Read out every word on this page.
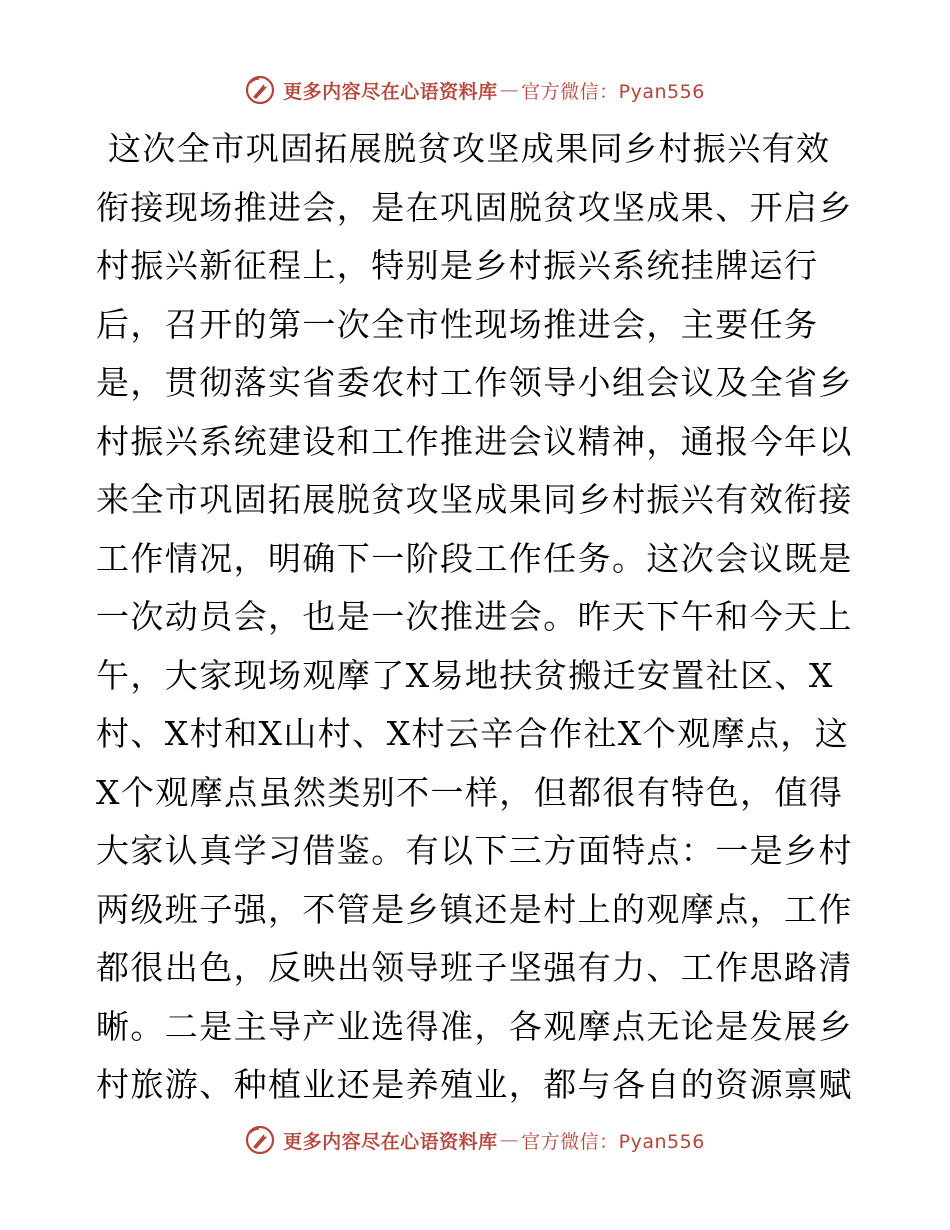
更多内容尽在心语资料库 — 官方微信：Pyan556
这次全市巩固拓展脱贫攻坚成果同乡村振兴有效
衔接现场推进会，是在巩固脱贫攻坚成果、开启乡
村振兴新征程上，特别是乡村振兴系统挂牌运行
后，召开的第一次全市性现场推进会，主要任务
是，贯彻落实省委农村工作领导小组会议及全省乡
村振兴系统建设和工作推进会议精神，通报今年以
来全市巩固拓展脱贫攻坚成果同乡村振兴有效衔接
工作情况，明确下一阶段工作任务。这次会议既是
一次动员会，也是一次推进会。昨天下午和今天上
午，大家现场观摩了X易地扶贫搬迁安置社区、X
村、X村和X山村、X村云辛合作社X个观摩点，这
X个观摩点虽然类别不一样，但都很有特色，值得
大家认真学习借鉴。有以下三方面特点：一是乡村
两级班子强，不管是乡镇还是村上的观摩点，工作
都很出色，反映出领导班子坚强有力、工作思路清
晰。二是主导产业选得准，各观摩点无论是发展乡
村旅游、种植业还是养殖业，都与各自的资源禀赋
更多内容尽在心语资料库 — 官方微信：Pyan556
